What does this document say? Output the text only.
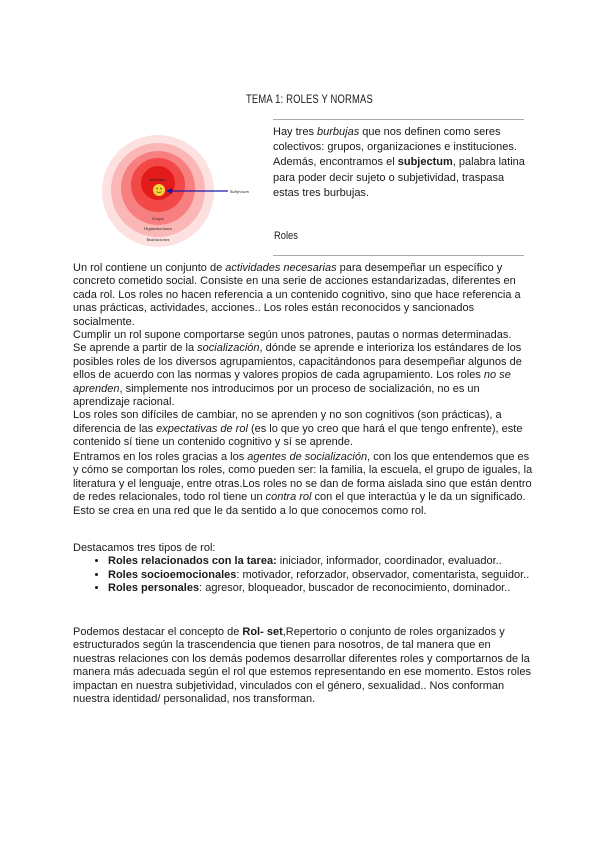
TEMA 1: ROLES Y NORMAS
Individuo
Subjectum
Grupo
Organizaciones
Instituciones
Hay tres burbujas que nos definen como seres colectivos: grupos, organizaciones e instituciones. Además, encontramos el subjectum, palabra latina para poder decir sujeto o subjetividad, traspasa estas tres burbujas.
Roles

Un rol contiene un conjunto de actividades necesarias para desempeñar un específico y concreto cometido social. Consiste en una serie de acciones estandarizadas, diferentes en cada rol. Los roles no hacen referencia a un contenido cognitivo, sino que hace referencia a unas prácticas, actividades, acciones.. Los roles están reconocidos y sancionados socialmente.

Cumplir un rol supone comportarse según unos patrones, pautas o normas determinadas.

Se aprende a partir de la socialización, dónde se aprende e interioriza los estándares de los posibles roles de los diversos agrupamientos, capacitándonos para desempeñar algunos de ellos de acuerdo con las normas y valores propios de cada agrupamiento. Los roles no se aprenden, simplemente nos introducimos por un proceso de socialización, no es un aprendizaje racional.

Los roles son difíciles de cambiar, no se aprenden y no son cognitivos (son prácticas), a diferencia de las expectativas de rol (es lo que yo creo que hará el que tengo enfrente), este contenido sí tiene un contenido cognitivo y sí se aprende.

Entramos en los roles gracias a los agentes de socialización, con los que entendemos que es y cómo se comportan los roles, como pueden ser: la familia, la escuela, el grupo de iguales, la literatura y el lenguaje, entre otras.Los roles no se dan de forma aislada sino que están dentro de redes relacionales, todo rol tiene un contra rol con el que interactúa y le da un significado. Esto se crea en una red que le da sentido a lo que conocemos como rol.

Destacamos tres tipos de rol:

• Roles relacionados con la tarea: iniciador, informador, coordinador, evaluador..
• Roles socioemocionales: motivador, reforzador, observador, comentarista, seguidor..
• Roles personales: agresor, bloqueador, buscador de reconocimiento, dominador..

Podemos destacar el concepto de Rol- set,Repertorio o conjunto de roles organizados y estructurados según la trascendencia que tienen para nosotros, de tal manera que en nuestras relaciones con los demás podemos desarrollar diferentes roles y comportarnos de la manera más adecuada según el rol que estemos representando en ese momento. Estos roles impactan en nuestra subjetividad, vinculados con el género, sexualidad.. Nos conforman nuestra identidad/ personalidad, nos transforman.
